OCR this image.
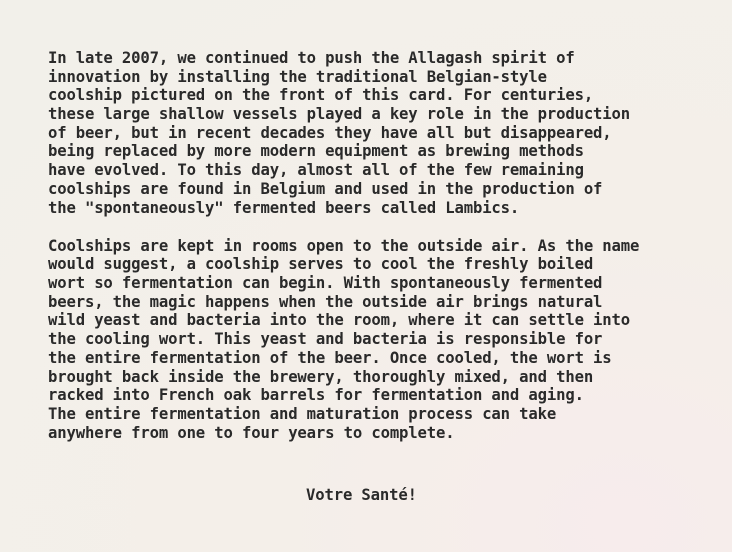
In late 2007, we continued to push the Allagash spirit of
innovation by installing the traditional Belgian-style
coolship pictured on the front of this card. For centuries,
these large shallow vessels played a key role in the production
of beer, but in recent decades they have all but disappeared,
being replaced by more modern equipment as brewing methods
have evolved. To this day, almost all of the few remaining
coolships are found in Belgium and used in the production of
the "spontaneously" fermented beers called Lambics.
Coolships are kept in rooms open to the outside air. As the name
would suggest, a coolship serves to cool the freshly boiled
wort so fermentation can begin. With spontaneously fermented
beers, the magic happens when the outside air brings natural
wild yeast and bacteria into the room, where it can settle into
the cooling wort. This yeast and bacteria is responsible for
the entire fermentation of the beer. Once cooled, the wort is
brought back inside the brewery, thoroughly mixed, and then
racked into French oak barrels for fermentation and aging.
The entire fermentation and maturation process can take
anywhere from one to four years to complete.
Votre Santé!
